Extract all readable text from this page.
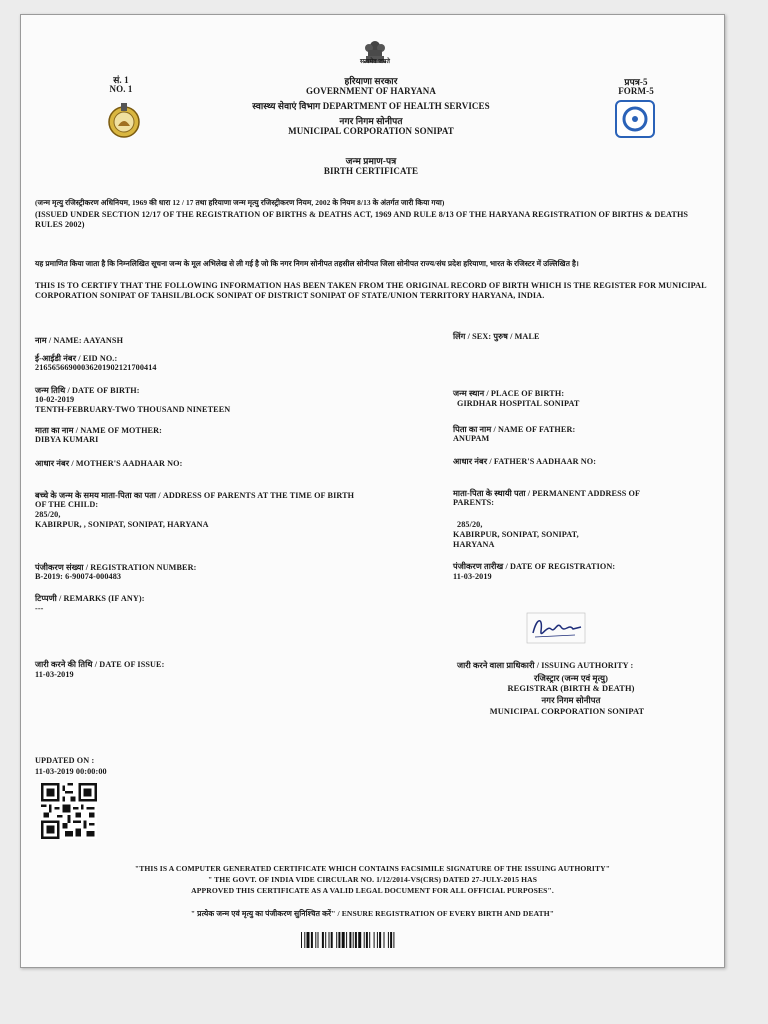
सत्यमेव जयते
सं. 1
NO. 1
हरियाणा सरकार
GOVERNMENT OF HARYANA
स्वास्थ्य सेवाएं विभाग DEPARTMENT OF HEALTH SERVICES
नगर निगम सोनीपत
MUNICIPAL CORPORATION SONIPAT
प्रपत्र-5
FORM-5
जन्म प्रमाण-पत्र
BIRTH CERTIFICATE
(जन्म मृत्यु रजिस्ट्रीकरण अधिनियम, 1969 की धारा 12 / 17 तथा हरियाणा जन्म मृत्यु रजिस्ट्रीकरण नियम, 2002 के नियम 8/13 के अंतर्गत जारी किया गया)
(ISSUED UNDER SECTION 12/17 OF THE REGISTRATION OF BIRTHS & DEATHS ACT, 1969 AND RULE 8/13 OF THE HARYANA REGISTRATION OF BIRTHS & DEATHS RULES 2002)
यह प्रमाणित किया जाता है कि निम्नलिखित सूचना जन्म के मूल अभिलेख से ली गई है जो कि नगर निगम सोनीपत तहसील सोनीपत जिला सोनीपत राज्य/संघ प्रदेश हरियाणा, भारत के रजिस्टर में उल्लिखित है।
THIS IS TO CERTIFY THAT THE FOLLOWING INFORMATION HAS BEEN TAKEN FROM THE ORIGINAL RECORD OF BIRTH WHICH IS THE REGISTER FOR MUNICIPAL CORPORATION SONIPAT OF TAHSIL/BLOCK SONIPAT OF DISTRICT SONIPAT OF STATE/UNION TERRITORY HARYANA, INDIA.
नाम / NAME: AAYANSH	लिंग / SEX: पुरुष / MALE
ई-आईडी नंबर / EID NO.:
21656566900036201902121700414
जन्म तिथि / DATE OF BIRTH:
10-02-2019
TENTH-FEBRUARY-TWO THOUSAND NINETEEN
जन्म स्थान / PLACE OF BIRTH:
GIRDHAR HOSPITAL SONIPAT
माता का नाम / NAME OF MOTHER:
DIBYA KUMARI
पिता का नाम / NAME OF FATHER:
ANUPAM
आधार नंबर / MOTHER'S AADHAAR NO:	आधार नंबर / FATHER'S AADHAAR NO:
बच्चे के जन्म के समय माता-पिता का पता / ADDRESS OF PARENTS AT THE TIME OF BIRTH
OF THE CHILD:
285/20,
KABIRPUR, , SONIPAT, SONIPAT, HARYANA
माता-पिता के स्थायी पता / PERMANENT ADDRESS OF
PARENTS:
285/20,
KABIRPUR, SONIPAT, SONIPAT,
HARYANA
पंजीकरण संख्या / REGISTRATION NUMBER:
B-2019: 6-90074-000483
पंजीकरण तारीख / DATE OF REGISTRATION:
11-03-2019
टिप्पणी / REMARKS (IF ANY):
---
जारी करने की तिथि / DATE OF ISSUE:
11-03-2019
जारी करने वाला प्राधिकारी / ISSUING AUTHORITY :
रजिस्ट्रार (जन्म एवं मृत्यु)
REGISTRAR (BIRTH & DEATH)
नगर निगम सोनीपत
MUNICIPAL CORPORATION SONIPAT
UPDATED ON :
11-03-2019 00:00:00
"THIS IS A COMPUTER GENERATED CERTIFICATE WHICH CONTAINS FACSIMILE SIGNATURE OF THE ISSUING AUTHORITY"
" THE GOVT. OF INDIA VIDE CIRCULAR NO. 1/12/2014-VS(CRS) DATED 27-JULY-2015 HAS
APPROVED THIS CERTIFICATE AS A VALID LEGAL DOCUMENT FOR ALL OFFICIAL PURPOSES".
" प्रत्येक जन्म एवं मृत्यु का पंजीकरण सुनिश्चित करें" / ENSURE REGISTRATION OF EVERY BIRTH AND DEATH"
